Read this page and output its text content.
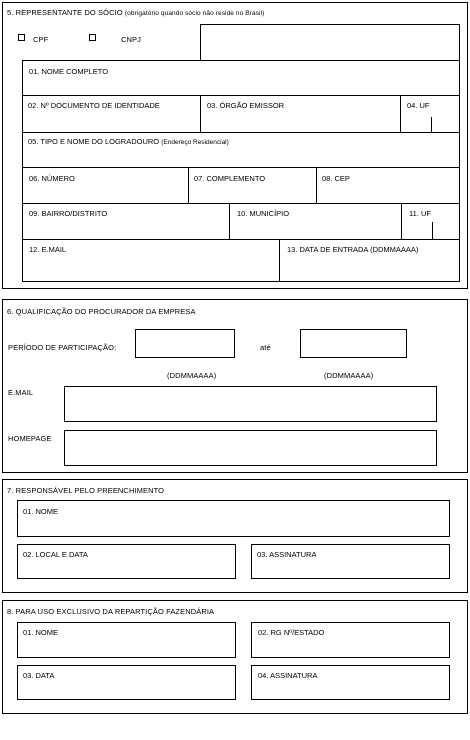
5. REPRESENTANTE DO SÓCIO (obrigatório quando sócio não reside no Brasil)
CPF	CNPJ
01. NOME COMPLETO
02. Nº DOCUMENTO DE IDENTIDADE	03. ÓRGÃO EMISSOR	04. UF
05. TIPO E NOME DO LOGRADOURO (Endereço Residencial)
06. NÚMERO	07. COMPLEMENTO	08. CEP
09. BAIRRO/DISTRITO	10. MUNICÍPIO	11. UF
12. E.MAIL	13. DATA DE ENTRADA (DDMMAAAA)
6. QUALIFICAÇÃO DO PROCURADOR DA EMPRESA
PERÍODO DE PARTICIPAÇÃO:	até
(DDMMAAAA)	(DDMMAAAA)
E.MAIL
HOMEPAGE
7. RESPONSÁVEL PELO PREENCHIMENTO
01. NOME
02. LOCAL E DATA	03. ASSINATURA
8. PARA USO EXCLUSIVO DA REPARTIÇÃO FAZENDÁRIA
01. NOME	02. RG Nº/ESTADO
03. DATA	04. ASSINATURA
